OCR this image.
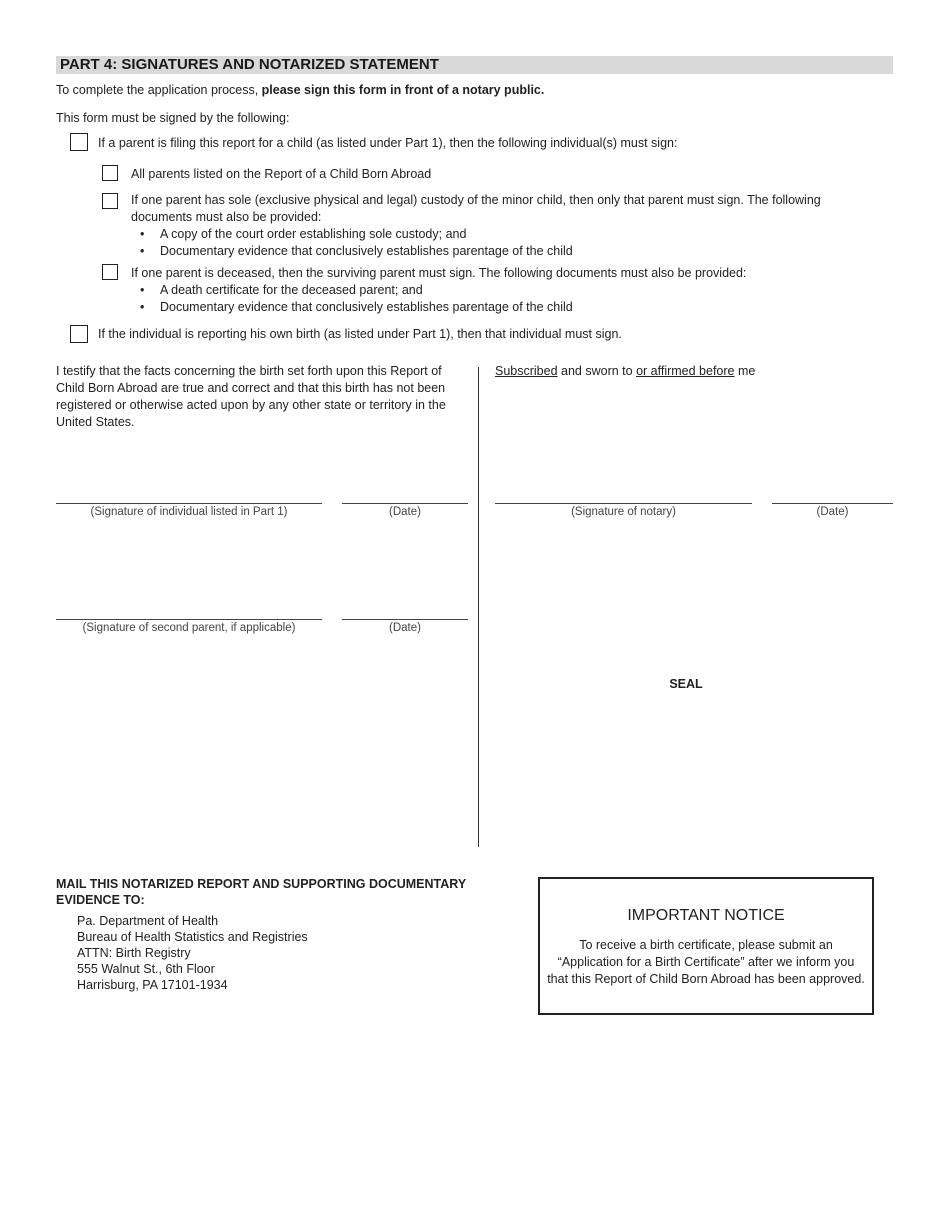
PART 4: SIGNATURES AND NOTARIZED STATEMENT
To complete the application process, please sign this form in front of a notary public.
This form must be signed by the following:
If a parent is filing this report for a child (as listed under Part 1), then the following individual(s) must sign:
All parents listed on the Report of a Child Born Abroad
If one parent has sole (exclusive physical and legal) custody of the minor child, then only that parent must sign. The following
documents must also be provided:
• A copy of the court order establishing sole custody; and
• Documentary evidence that conclusively establishes parentage of the child
If one parent is deceased, then the surviving parent must sign. The following documents must also be provided:
• A death certificate for the deceased parent; and
• Documentary evidence that conclusively establishes parentage of the child
If the individual is reporting his own birth (as listed under Part 1), then that individual must sign.
I testify that the facts concerning the birth set forth upon this Report of
Child Born Abroad are true and correct and that this birth has not been
registered or otherwise acted upon by any other state or territory in the
United States.
Subscribed and sworn to or affirmed before me
(Signature of individual listed in Part 1)	(Date)	(Signature of notary)	(Date)
(Signature of second parent, if applicable)	(Date)
SEAL
MAIL THIS NOTARIZED REPORT AND SUPPORTING DOCUMENTARY
EVIDENCE TO:
Pa. Department of Health
Bureau of Health Statistics and Registries
ATTN: Birth Registry
555 Walnut St., 6th Floor
Harrisburg, PA 17101-1934
IMPORTANT NOTICE
To receive a birth certificate, please submit an
“Application for a Birth Certificate” after we inform you
that this Report of Child Born Abroad has been approved.
